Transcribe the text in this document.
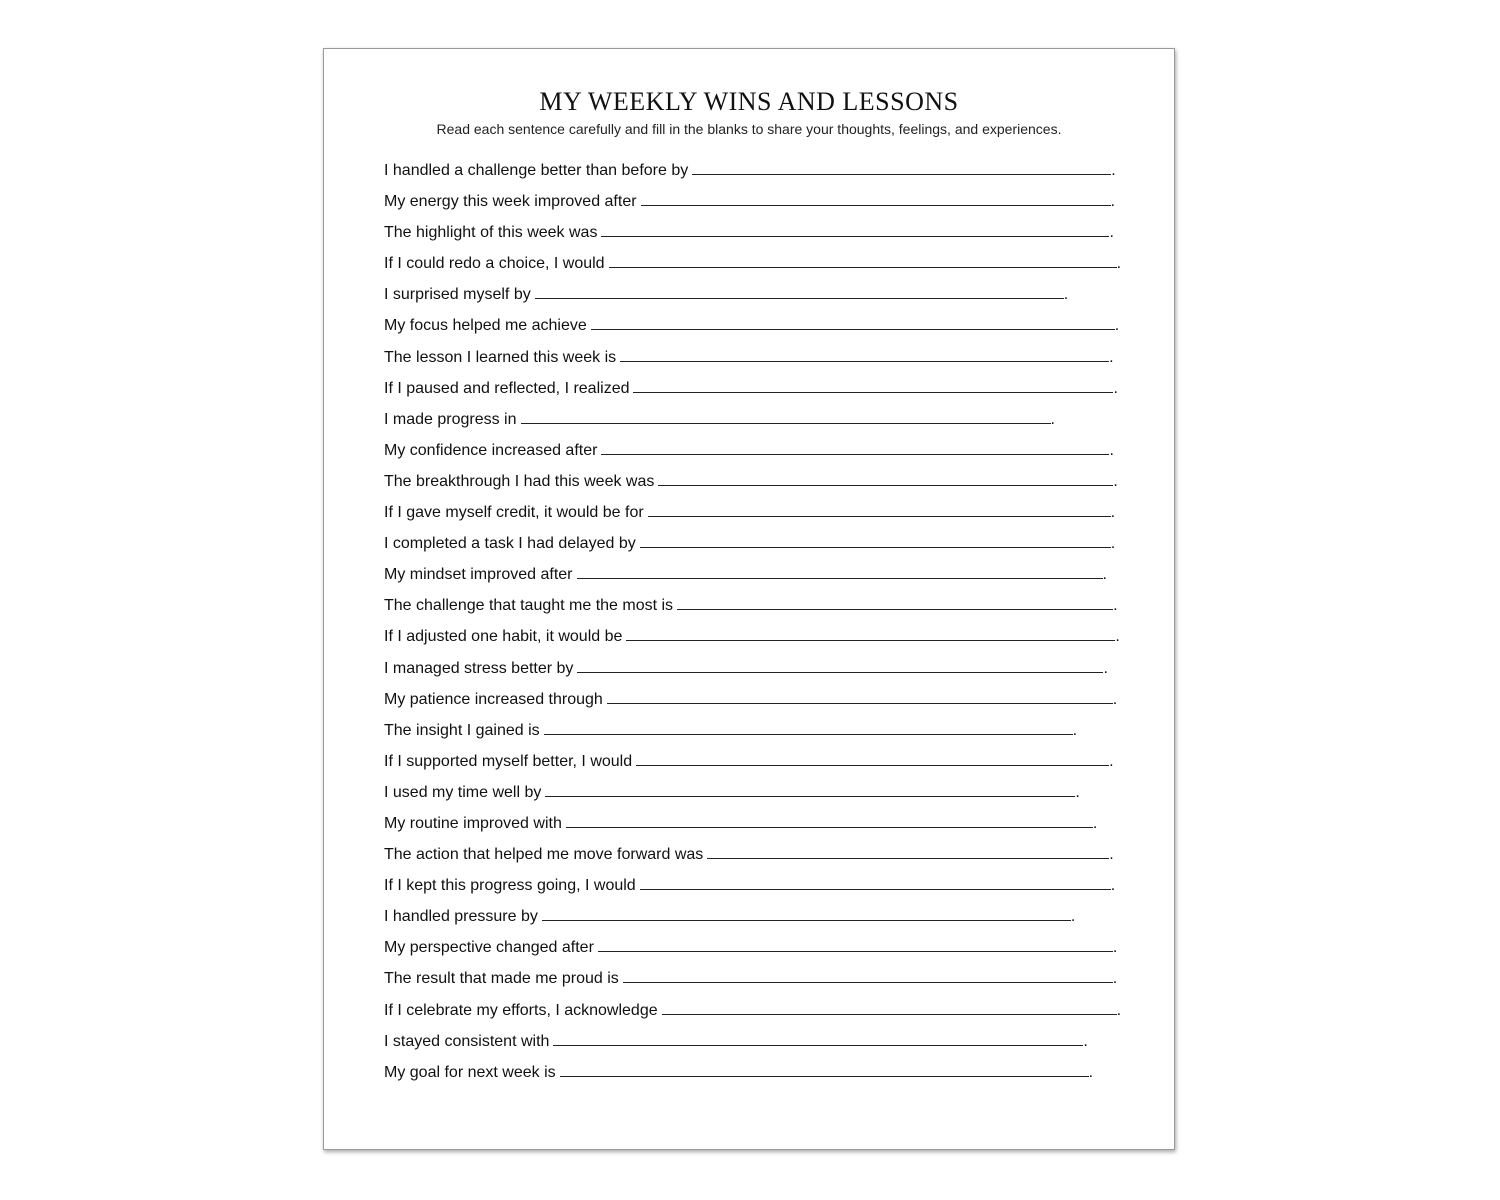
MY WEEKLY WINS AND LESSONS

Read each sentence carefully and fill in the blanks to share your thoughts, feelings, and experiences.

I handled a challenge better than before by	.
My energy this week improved after	.
The highlight of this week was	.
If I could redo a choice, I would	.
I surprised myself by	.
My focus helped me achieve	.
The lesson I learned this week is	.
If I paused and reflected, I realized	.
I made progress in	.
My confidence increased after	.
The breakthrough I had this week was	.
If I gave myself credit, it would be for	.
I completed a task I had delayed by	.
My mindset improved after	.
The challenge that taught me the most is	.
If I adjusted one habit, it would be	.
I managed stress better by	.
My patience increased through	.
The insight I gained is	.
If I supported myself better, I would	.
I used my time well by	.
My routine improved with	.
The action that helped me move forward was	.
If I kept this progress going, I would	.
I handled pressure by	.
My perspective changed after	.
The result that made me proud is	.
If I celebrate my efforts, I acknowledge	.
I stayed consistent with	.
My goal for next week is	.
